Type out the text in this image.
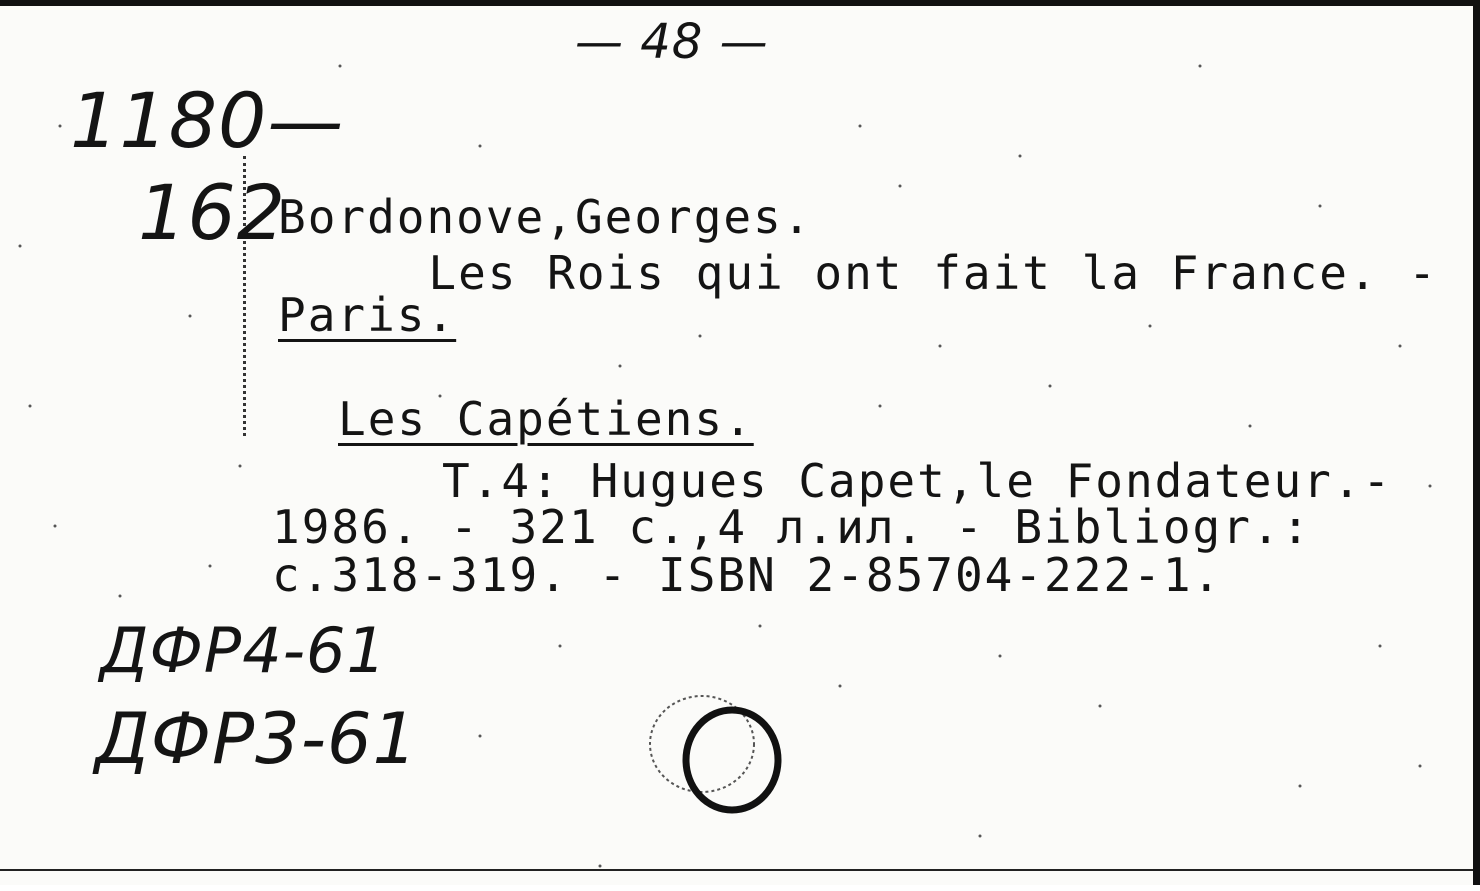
— 48 —
1180—
162
Bordonove,Georges.
Les Rois qui ont fait la France. -
Paris.
Les Capétiens.
T.4: Hugues Capet,le Fondateur.-
1986. - 321 с.,4 л.ил. - Bibliogr.:
с.318-319. - ISBN 2-85704-222-1.
ДФР4-61
ДФР3-61
